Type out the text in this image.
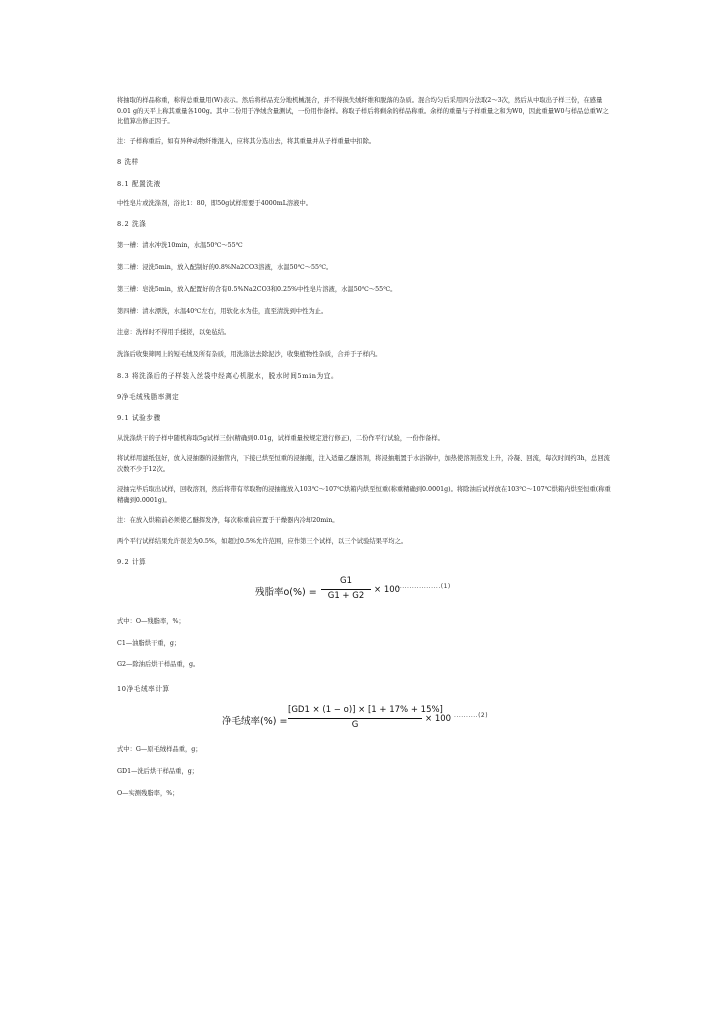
将抽取的样品称重，称得总重量用(W)表示。然后将样品充分地机械混合，并不得损失绒纤维和脱落的杂质。混合均匀后采用四分法取2～3次，然后从中取出子样三份，在感量0.01 g的天平上称其重量各100g。其中二份用于净绒含量测试，一份用作备样。称取子样后将剩余的样品称重。余样的重量与子样重量之和为W0，因此重量W0与样品总重W之比值算出修正因子。
注：子样称重后，如有异种动物纤维混入，应将其分选出去，将其重量并从子样重量中扣除。
8 洗样
8.1 配置洗液
中性皂片或洗涤剂，浴比1：80，即50g试样需要于4000mL溶液中。
8.2 洗涤
第一槽：清水冲洗10min，水温50℃～55℃
第二槽：浸洗5min，放入配制好的0.8%Na2CO3溶液，水温50℃～55℃。
第三槽：皂洗5min，放入配置好的含有0.5%Na2CO3和0.25%中性皂片溶液，水温50℃～55℃。
第四槽：清水漂洗，水温40℃左右，用软化水为佳，直至清洗到中性为止。
注意：洗样时不得用手揉搓，以免毡结。
洗涤后收集筛网上的短毛绒及所有杂质，用洗涤法去除泥沙，收集植物性杂质，合并于子样内。
8.3 将洗涤后的子样装入丝袋中经离心机脱水，脱水时间5min为宜。
9净毛绒残脂率测定
9.1 试验步骤
从洗涤烘干的子样中随机称取5g试样三份(精确到0.01g，试样重量按规定进行修正)，二份作平行试验，一份作备样。
将试样用滤纸包好，放入浸抽器的浸抽管内，下接已烘至恒重的浸抽瓶，注入适量乙醚溶剂，将浸抽瓶置于水浴锅中，加热使溶剂蒸发上升，冷凝、回流，每次时间约3h，总回流次数不少于12次。
浸抽完毕后取出试样，回收溶剂，然后将带有萃取物的浸抽瓶放入103℃～107℃烘箱内烘至恒重(称重精确到0.0001g)。将除油后试样放在103℃～107℃烘箱内烘至恒重(称重精确到0.0001g)。
注：在放入烘箱前必须使乙醚挥发净，每次称重前应置于干燥器内冷却20min。
两个平行试样结果允许误差为0.5%，如超过0.5%允许范围，应作第三个试样，以三个试验结果平均之。
9.2 计算
残脂率o(%) =
G1
G1 + G2
× 100
...................(1)
式中：O—残脂率，%；
C1—油脂烘干重，g；
G2—除油后烘干样品重，g。
10净毛绒率计算
净毛绒率(%) =
[GD1 × (1 − o)] × [1 + 17% + 15%]
G
× 100 ..........(2)
式中：G—原毛绒样品重，g；
GD1—洗后烘干样品重，g；
O—实测残脂率，%；
